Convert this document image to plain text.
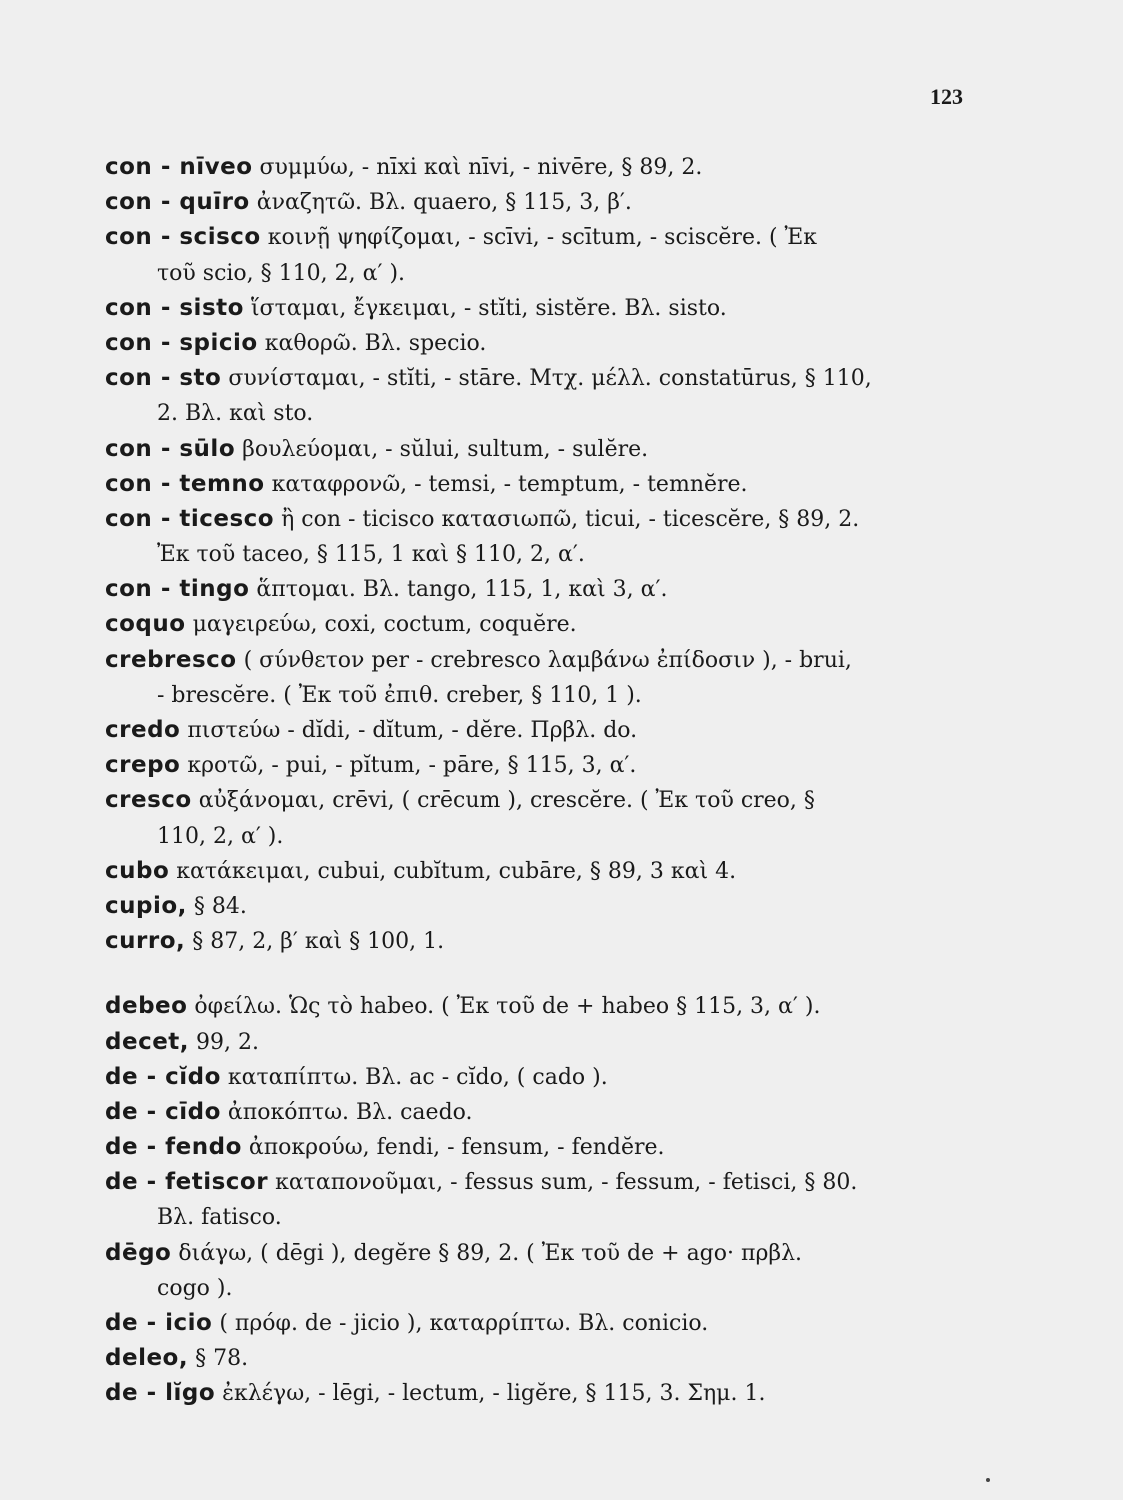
123
con - nīveo συμμύω, - nīxi καὶ nīvi, - nivēre, § 89, 2.
con - quīro ἀναζητῶ. Βλ. quaero, § 115, 3, β′.
con - scisco κοινῇ ψηφίζομαι, - scīvi, - scītum, - sciscĕre. ( Ἐκ
τοῦ scio, § 110, 2, α′ ).
con - sisto ἵσταμαι, ἔγκειμαι, - stĭti, sistĕre. Βλ. sisto.
con - spicio καθορῶ. Βλ. specio.
con - sto συνίσταμαι, - stĭti, - stāre. Μτχ. μέλλ. constatūrus, § 110,
2. Βλ. καὶ sto.
con - sūlo βουλεύομαι, - sŭlui, sultum, - sulĕre.
con - temno καταφρονῶ, - temsi, - temptum, - temnĕre.
con - ticesco ἢ con - ticisco κατασιωπῶ, ticui, - ticescĕre, § 89, 2.
Ἐκ τοῦ taceo, § 115, 1 καὶ § 110, 2, α′.
con - tingo ἅπτομαι. Βλ. tango, 115, 1, καὶ 3, α′.
coquo μαγειρεύω, coxi, coctum, coquĕre.
crebresco ( σύνθετον per - crebresco λαμβάνω ἐπίδοσιν ), - brui,
- brescĕre. ( Ἐκ τοῦ ἐπιθ. creber, § 110, 1 ).
credo πιστεύω - dĭdi, - dĭtum, - dĕre. Πρβλ. do.
crepo κροτῶ, - pui, - pĭtum, - pāre, § 115, 3, α′.
cresco αὐξάνομαι, crēvi, ( crēcum ), crescĕre. ( Ἐκ τοῦ creo, §
110, 2, α′ ).
cubo κατάκειμαι, cubui, cubĭtum, cubāre, § 89, 3 καὶ 4.
cupio, § 84.
curro, § 87, 2, β′ καὶ § 100, 1.
debeo ὀφείλω. Ὡς τὸ habeo. ( Ἐκ τοῦ de + habeo § 115, 3, α′ ).
decet, 99, 2.
de - cĭdo καταπίπτω. Βλ. ac - cĭdo, ( cado ).
de - cīdo ἀποκόπτω. Βλ. caedo.
de - fendo ἀποκρούω, fendi, - fensum, - fendĕre.
de - fetiscor καταπονοῦμαι, - fessus sum, - fessum, - fetisci, § 80.
Βλ. fatisco.
dēgo διάγω, ( dēgi ), degĕre § 89, 2. ( Ἐκ τοῦ de + ago· πρβλ.
cogo ).
de - icio ( πρόφ. de - jicio ), καταρρίπτω. Βλ. conicio.
deleo, § 78.
de - lĭgo ἐκλέγω, - lēgi, - lectum, - ligĕre, § 115, 3. Σημ. 1.
